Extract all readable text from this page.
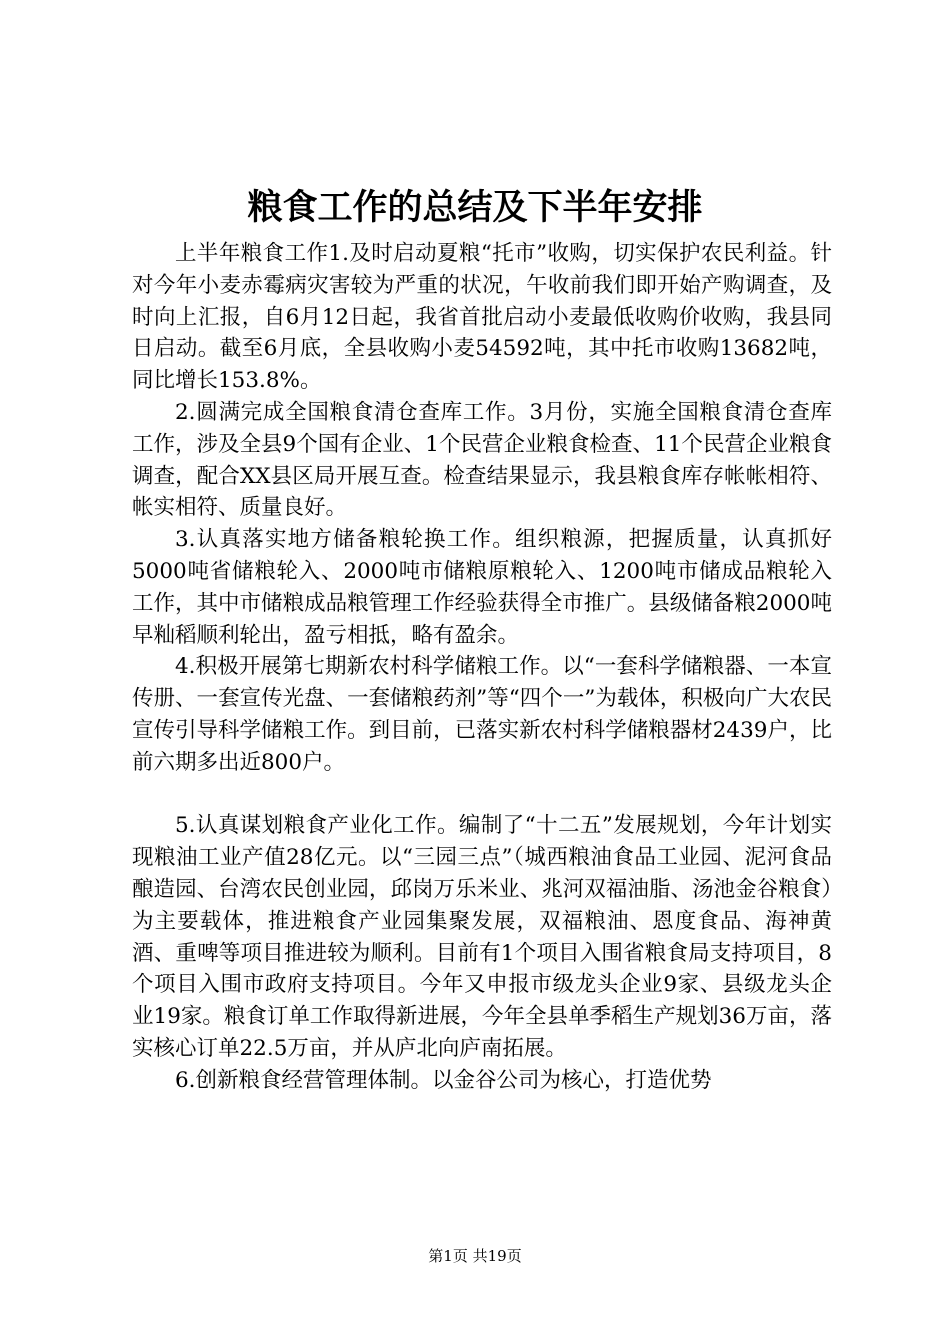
粮食工作的总结及下半年安排

上半年粮食工作1.及时启动夏粮“托市”收购，切实保护农民利益。针对今年小麦赤霉病灾害较为严重的状况，午收前我们即开始产购调查，及时向上汇报，自6月12日起，我省首批启动小麦最低收购价收购，我县同日启动。截至6月底，全县收购小麦54592吨，其中托市收购13682吨，同比增长153.8%。

2.圆满完成全国粮食清仓查库工作。3月份，实施全国粮食清仓查库工作，涉及全县9个国有企业、1个民营企业粮食检查、11个民营企业粮食调查，配合XX县区局开展互查。检查结果显示，我县粮食库存帐帐相符、帐实相符、质量良好。

3.认真落实地方储备粮轮换工作。组织粮源，把握质量，认真抓好5000吨省储粮轮入、2000吨市储粮原粮轮入、1200吨市储成品粮轮入工作，其中市储粮成品粮管理工作经验获得全市推广。县级储备粮2000吨早籼稻顺利轮出，盈亏相抵，略有盈余。

4.积极开展第七期新农村科学储粮工作。以“一套科学储粮器、一本宣传册、一套宣传光盘、一套储粮药剂”等“四个一”为载体，积极向广大农民宣传引导科学储粮工作。到目前，已落实新农村科学储粮器材2439户，比前六期多出近800户。

5.认真谋划粮食产业化工作。编制了“十二五”发展规划，今年计划实现粮油工业产值28亿元。以“三园三点”（城西粮油食品工业园、泥河食品酿造园、台湾农民创业园，邱岗万乐米业、兆河双福油脂、汤池金谷粮食）为主要载体，推进粮食产业园集聚发展，双福粮油、恩度食品、海神黄酒、重啤等项目推进较为顺利。目前有1个项目入围省粮食局支持项目，8个项目入围市政府支持项目。今年又申报市级龙头企业9家、县级龙头企业19家。粮食订单工作取得新进展，今年全县单季稻生产规划36万亩，落实核心订单22.5万亩，并从庐北向庐南拓展。

6.创新粮食经营管理体制。以金谷公司为核心，打造优势

第1页 共19页
